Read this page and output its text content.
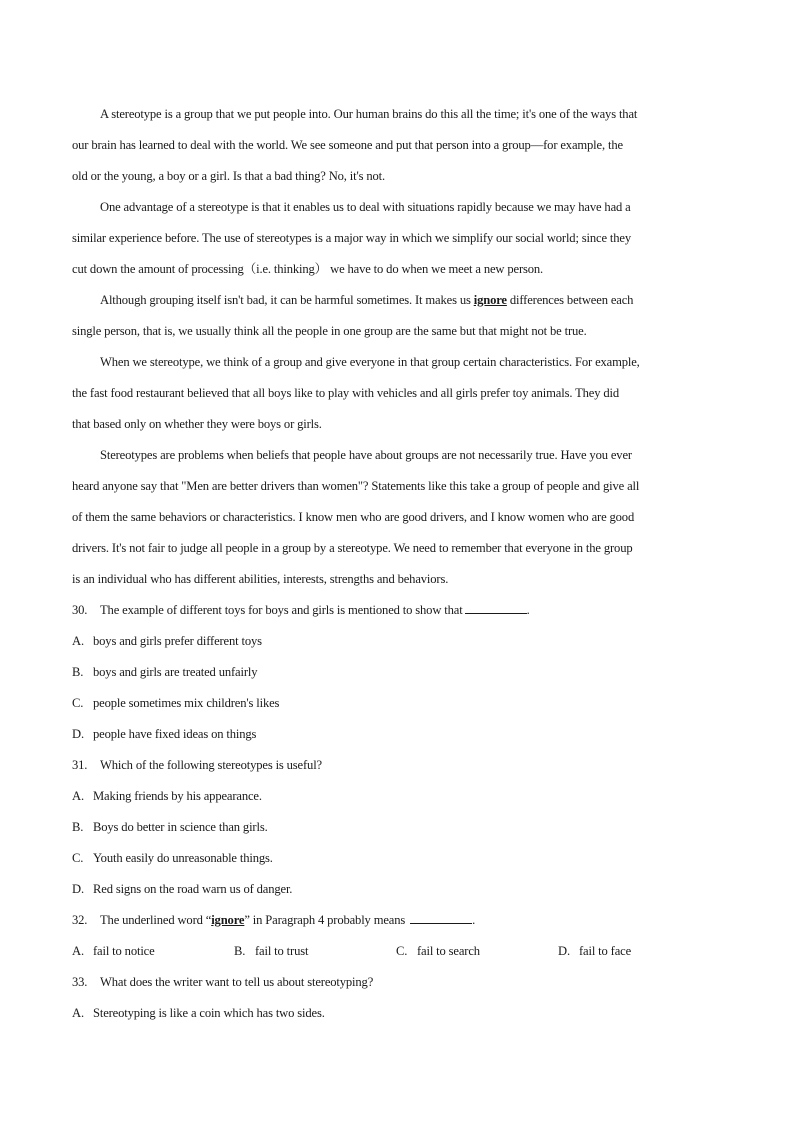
A stereotype is a group that we put people into. Our human brains do this all the time; it's one of the ways that
our brain has learned to deal with the world. We see someone and put that person into a group—for example, the
old or the young, a boy or a girl. Is that a bad thing? No, it's not.
One advantage of a stereotype is that it enables us to deal with situations rapidly because we may have had a
similar experience before. The use of stereotypes is a major way in which we simplify our social world; since they
cut down the amount of processing（i.e. thinking） we have to do when we meet a new person.
Although grouping itself isn't bad, it can be harmful sometimes. It makes us ignore differences between each
single person, that is, we usually think all the people in one group are the same but that might not be true.
When we stereotype, we think of a group and give everyone in that group certain characteristics. For example,
the fast food restaurant believed that all boys like to play with vehicles and all girls prefer toy animals. They did
that based only on whether they were boys or girls.
Stereotypes are problems when beliefs that people have about groups are not necessarily true. Have you ever
heard anyone say that "Men are better drivers than women"? Statements like this take a group of people and give all
of them the same behaviors or characteristics. I know men who are good drivers, and I know women who are good
drivers. It's not fair to judge all people in a group by a stereotype. We need to remember that everyone in the group
is an individual who has different abilities, interests, strengths and behaviors.
30. The example of different toys for boys and girls is mentioned to show that	.
A. boys and girls prefer different toys
B. boys and girls are treated unfairly
C. people sometimes mix children's likes
D. people have fixed ideas on things
31. Which of the following stereotypes is useful?
A. Making friends by his appearance.
B. Boys do better in science than girls.
C. Youth easily do unreasonable things.
D. Red signs on the road warn us of danger.
32. The underlined word “ignore” in Paragraph 4 probably means	.
A. fail to notice	B. fail to trust	C. fail to search	D. fail to face
33. What does the writer want to tell us about stereotyping?
A. Stereotyping is like a coin which has two sides.
